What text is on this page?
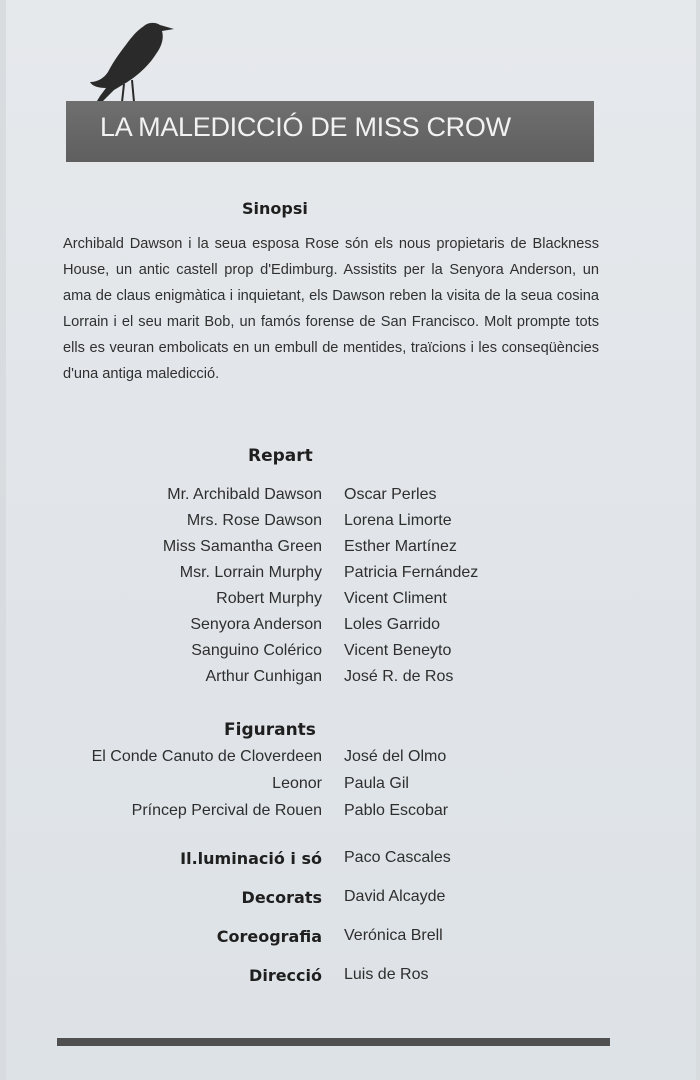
LA MALEDICCIÓ DE MISS CROW
Sinopsi
Archibald Dawson i la seua esposa Rose són els nous propietaris de Blackness House, un antic castell prop d'Edimburg. Assistits per la Senyora Anderson, un ama de claus enigmàtica i inquietant, els Dawson reben la visita de la seua cosina Lorrain i el seu marit Bob, un famós forense de San Francisco. Molt prompte tots ells es veuran embolicats en un embull de mentides, traïcions i les conseqüències d'una antiga maledicció.
Repart
Mr. Archibald Dawson Oscar Perles
Mrs. Rose Dawson Lorena Limorte
Miss Samantha Green Esther Martínez
Msr. Lorrain Murphy Patricia Fernández
Robert Murphy Vicent Climent
Senyora Anderson Loles Garrido
Sanguino Colérico Vicent Beneyto
Arthur Cunhigan José R. de Ros
Figurants
El Conde Canuto de Cloverdeen José del Olmo
Leonor Paula Gil
Príncep Percival de Rouen Pablo Escobar
Il.luminació i só Paco Cascales
Decorats David Alcayde
Coreografia Verónica Brell
Direcció Luis de Ros
